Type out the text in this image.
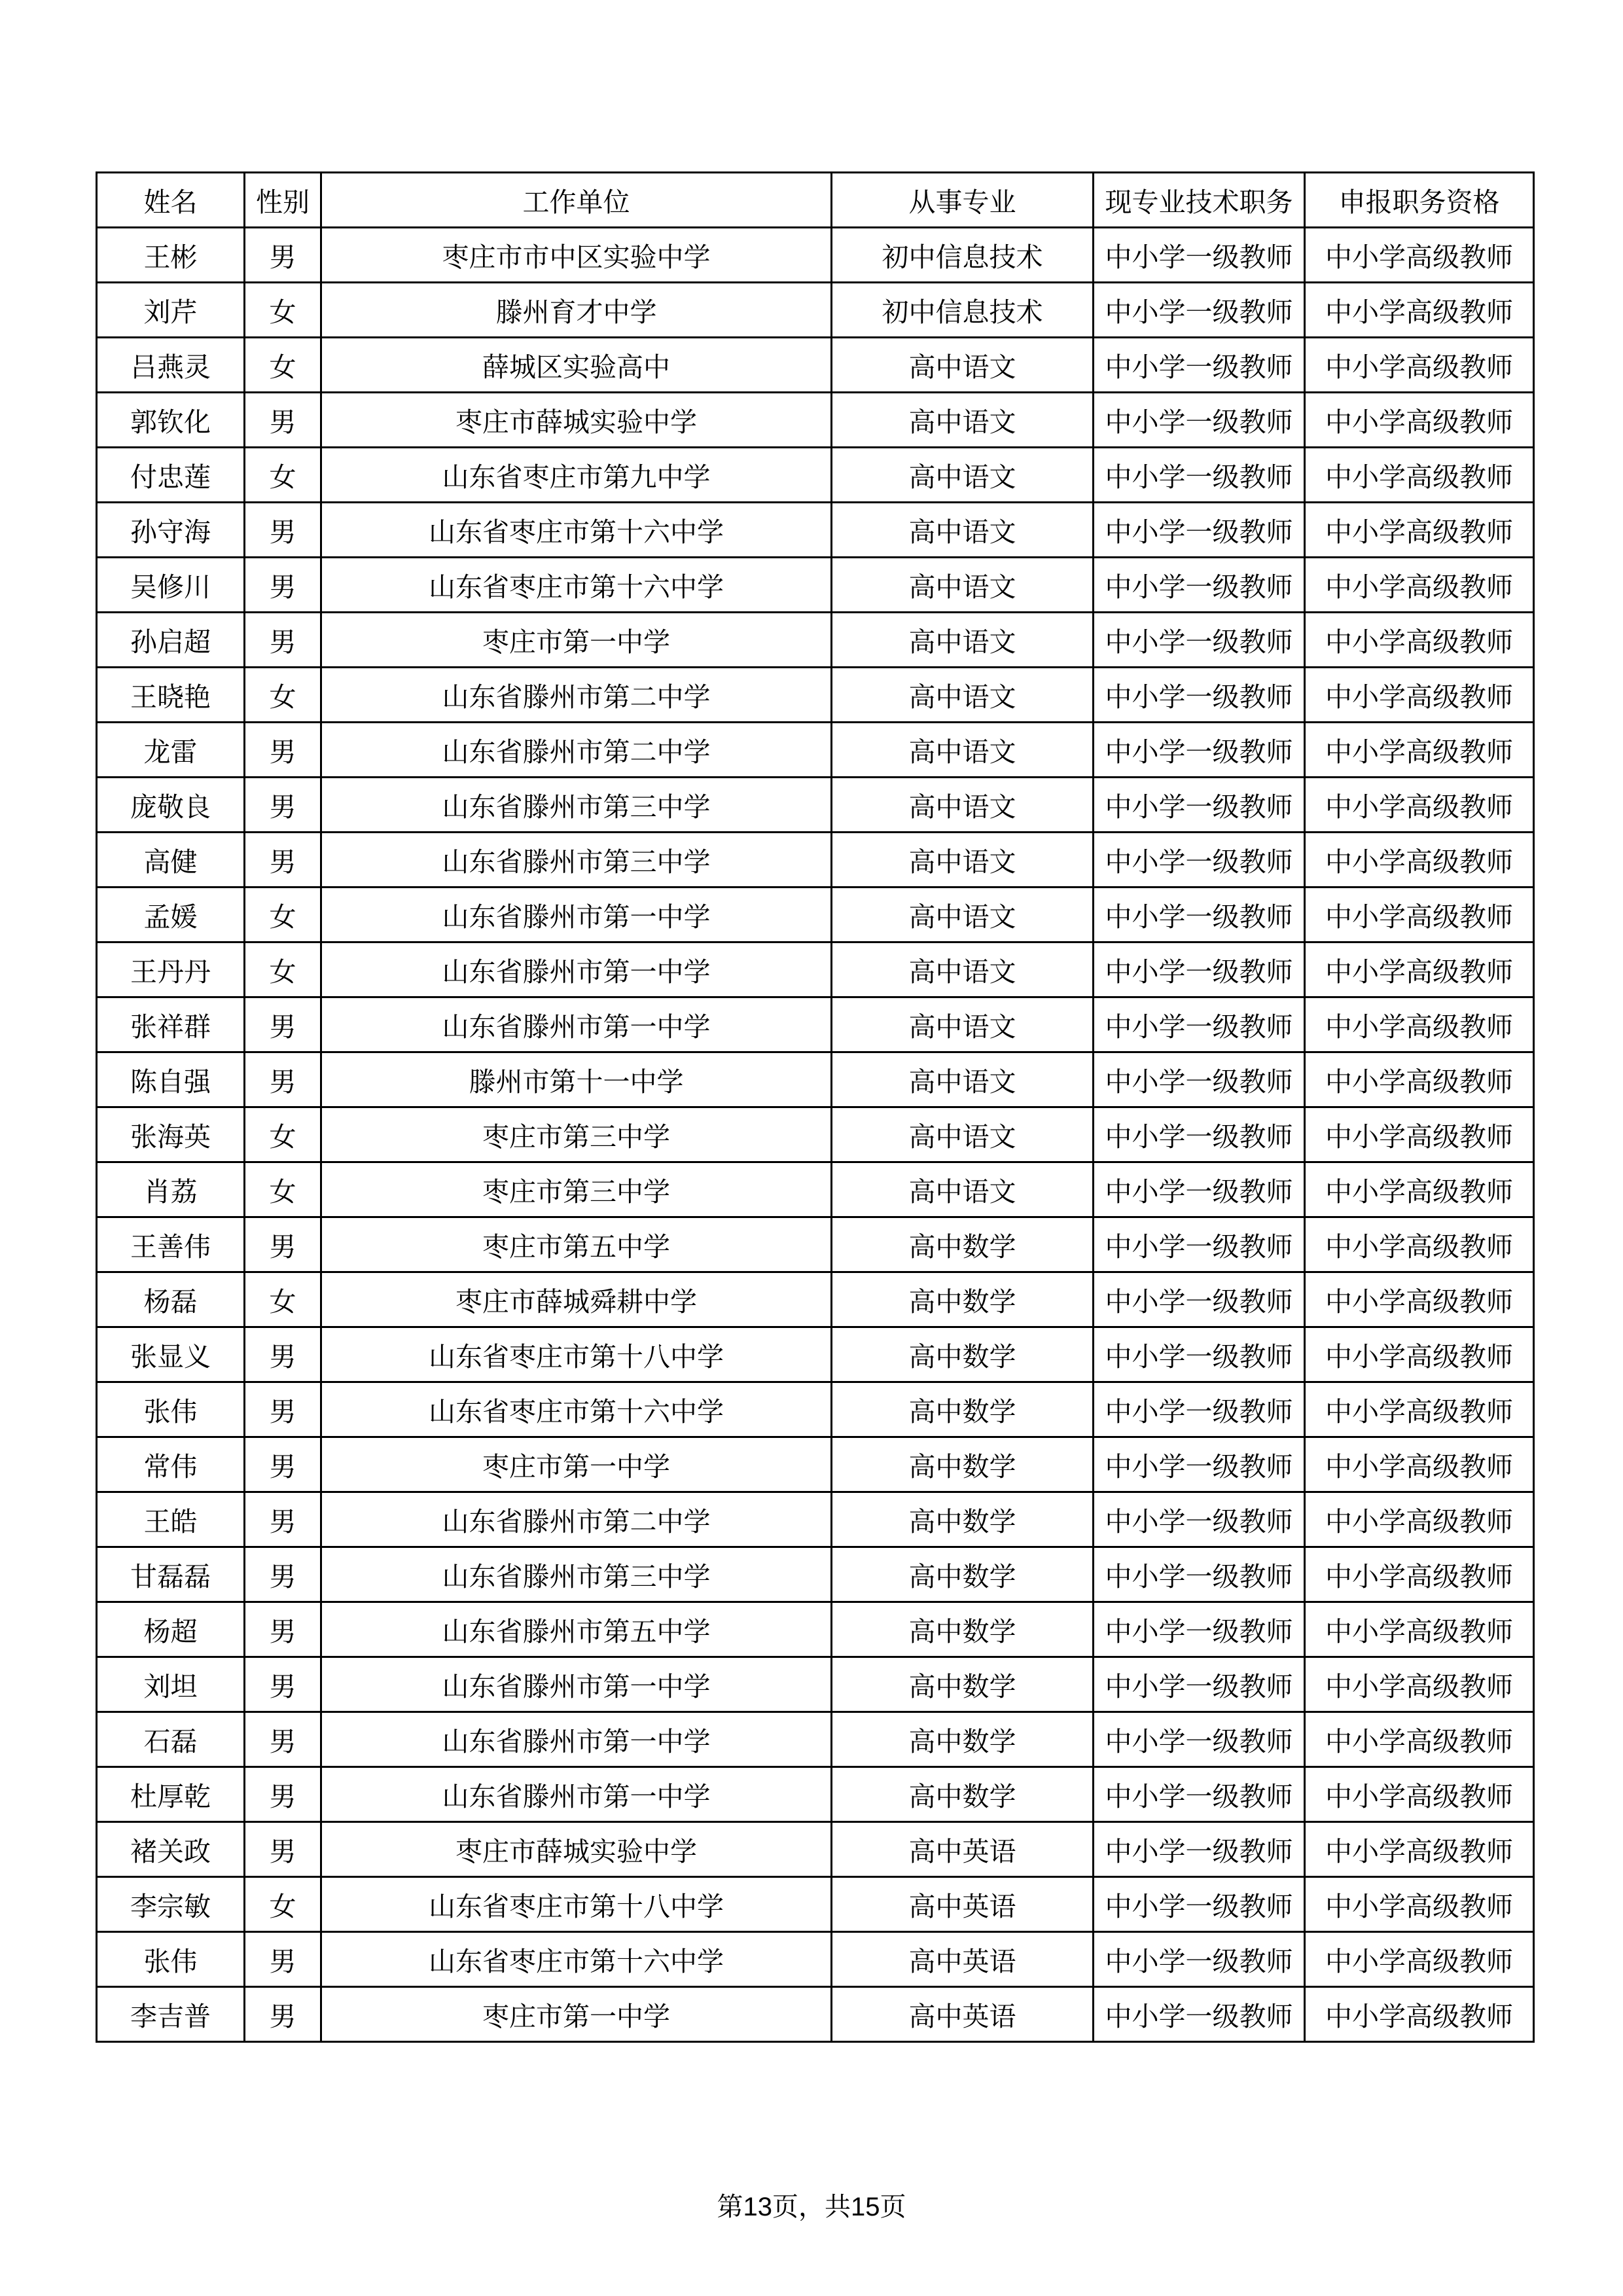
姓名	性别	工作单位	从事专业	现专业技术职务	申报职务资格
王彬	男	枣庄市市中区实验中学	初中信息技术	中小学一级教师	中小学高级教师
刘芹	女	滕州育才中学	初中信息技术	中小学一级教师	中小学高级教师
吕燕灵	女	薛城区实验高中	高中语文	中小学一级教师	中小学高级教师
郭钦化	男	枣庄市薛城实验中学	高中语文	中小学一级教师	中小学高级教师
付忠莲	女	山东省枣庄市第九中学	高中语文	中小学一级教师	中小学高级教师
孙守海	男	山东省枣庄市第十六中学	高中语文	中小学一级教师	中小学高级教师
吴修川	男	山东省枣庄市第十六中学	高中语文	中小学一级教师	中小学高级教师
孙启超	男	枣庄市第一中学	高中语文	中小学一级教师	中小学高级教师
王晓艳	女	山东省滕州市第二中学	高中语文	中小学一级教师	中小学高级教师
龙雷	男	山东省滕州市第二中学	高中语文	中小学一级教师	中小学高级教师
庞敬良	男	山东省滕州市第三中学	高中语文	中小学一级教师	中小学高级教师
高健	男	山东省滕州市第三中学	高中语文	中小学一级教师	中小学高级教师
孟媛	女	山东省滕州市第一中学	高中语文	中小学一级教师	中小学高级教师
王丹丹	女	山东省滕州市第一中学	高中语文	中小学一级教师	中小学高级教师
张祥群	男	山东省滕州市第一中学	高中语文	中小学一级教师	中小学高级教师
陈自强	男	滕州市第十一中学	高中语文	中小学一级教师	中小学高级教师
张海英	女	枣庄市第三中学	高中语文	中小学一级教师	中小学高级教师
肖荔	女	枣庄市第三中学	高中语文	中小学一级教师	中小学高级教师
王善伟	男	枣庄市第五中学	高中数学	中小学一级教师	中小学高级教师
杨磊	女	枣庄市薛城舜耕中学	高中数学	中小学一级教师	中小学高级教师
张显义	男	山东省枣庄市第十八中学	高中数学	中小学一级教师	中小学高级教师
张伟	男	山东省枣庄市第十六中学	高中数学	中小学一级教师	中小学高级教师
常伟	男	枣庄市第一中学	高中数学	中小学一级教师	中小学高级教师
王皓	男	山东省滕州市第二中学	高中数学	中小学一级教师	中小学高级教师
甘磊磊	男	山东省滕州市第三中学	高中数学	中小学一级教师	中小学高级教师
杨超	男	山东省滕州市第五中学	高中数学	中小学一级教师	中小学高级教师
刘坦	男	山东省滕州市第一中学	高中数学	中小学一级教师	中小学高级教师
石磊	男	山东省滕州市第一中学	高中数学	中小学一级教师	中小学高级教师
杜厚乾	男	山东省滕州市第一中学	高中数学	中小学一级教师	中小学高级教师
褚关政	男	枣庄市薛城实验中学	高中英语	中小学一级教师	中小学高级教师
李宗敏	女	山东省枣庄市第十八中学	高中英语	中小学一级教师	中小学高级教师
张伟	男	山东省枣庄市第十六中学	高中英语	中小学一级教师	中小学高级教师
李吉普	男	枣庄市第一中学	高中英语	中小学一级教师	中小学高级教师
第13页，共15页
